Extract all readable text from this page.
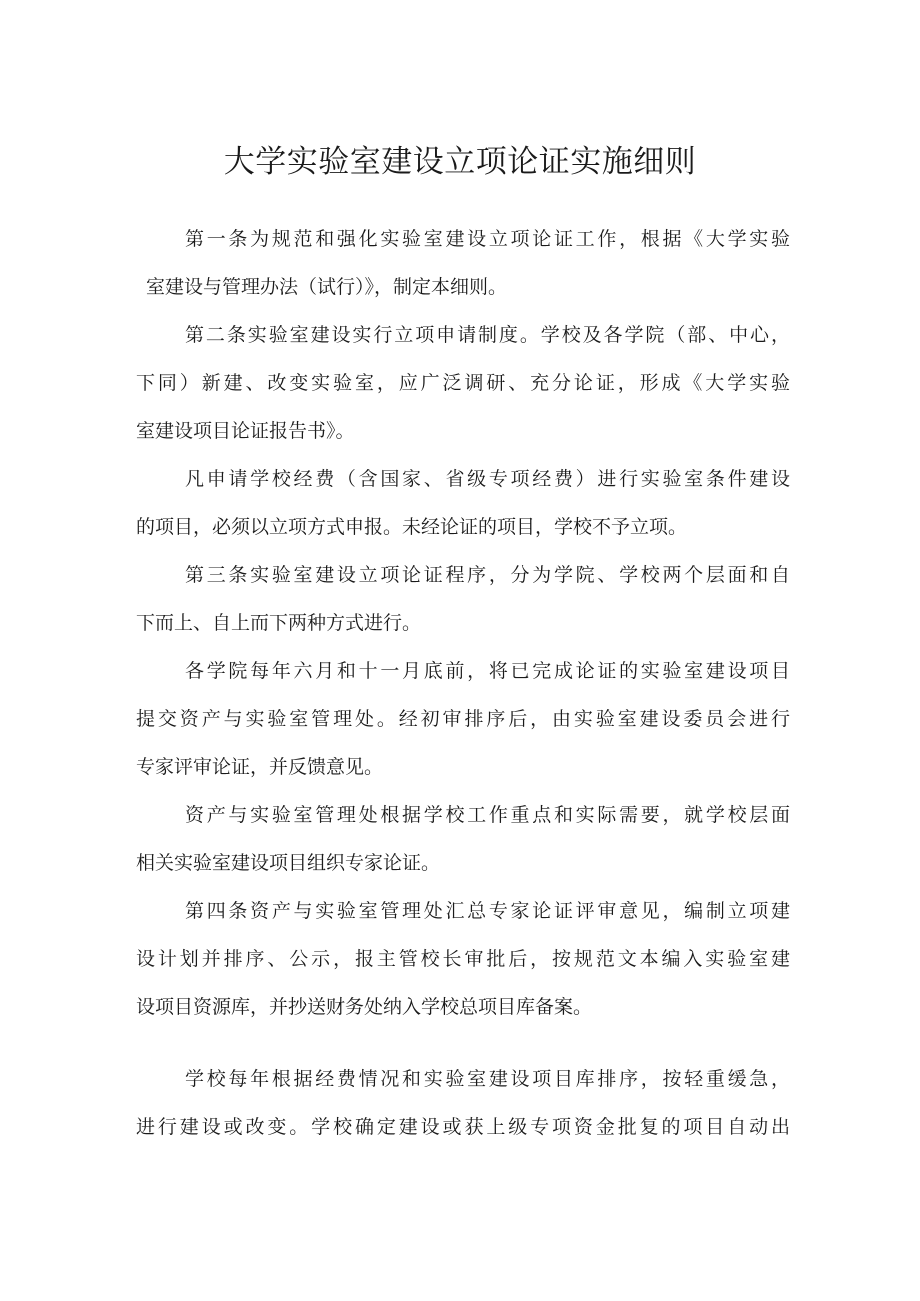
大学实验室建设立项论证实施细则

第一条为规范和强化实验室建设立项论证工作，根据《大学实验

室建设与管理办法（试行）》，制定本细则。

第二条实验室建设实行立项申请制度。学校及各学院（部、中心，

下同）新建、改变实验室，应广泛调研、充分论证，形成《大学实验

室建设项目论证报告书》。

凡申请学校经费（含国家、省级专项经费）进行实验室条件建设

的项目，必须以立项方式申报。未经论证的项目，学校不予立项。

第三条实验室建设立项论证程序，分为学院、学校两个层面和自

下而上、自上而下两种方式进行。

各学院每年六月和十一月底前，将已完成论证的实验室建设项目

提交资产与实验室管理处。经初审排序后，由实验室建设委员会进行

专家评审论证，并反馈意见。

资产与实验室管理处根据学校工作重点和实际需要，就学校层面

相关实验室建设项目组织专家论证。

第四条资产与实验室管理处汇总专家论证评审意见，编制立项建

设计划并排序、公示，报主管校长审批后，按规范文本编入实验室建

设项目资源库，并抄送财务处纳入学校总项目库备案。

学校每年根据经费情况和实验室建设项目库排序，按轻重缓急，

进行建设或改变。学校确定建设或获上级专项资金批复的项目自动出
